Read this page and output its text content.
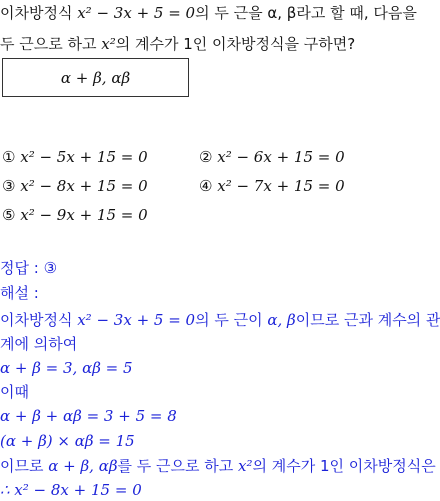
이차방정식 x² − 3x + 5 = 0의 두 근을 α, β라고 할 때, 다음을
두 근으로 하고 x²의 계수가 1인 이차방정식을 구하면?
α + β, αβ
① x² − 5x + 15 = 0	② x² − 6x + 15 = 0
③ x² − 8x + 15 = 0	④ x² − 7x + 15 = 0
⑤ x² − 9x + 15 = 0
정답 : ③
해설 :
이차방정식 x² − 3x + 5 = 0의 두 근이 α, β이므로 근과 계수의 관
계에 의하여
α + β = 3, αβ = 5
이때
α + β + αβ = 3 + 5 = 8
(α + β) × αβ = 15
이므로 α + β, αβ를 두 근으로 하고 x²의 계수가 1인 이차방정식은
∴ x² − 8x + 15 = 0
